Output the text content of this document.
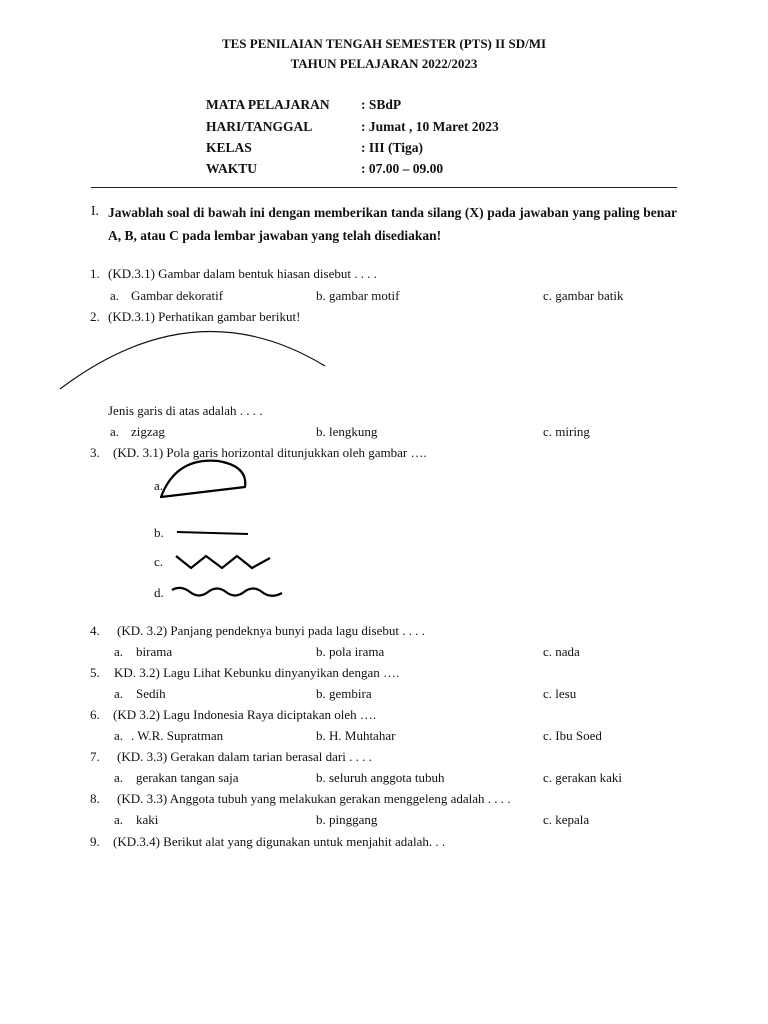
TES PENILAIAN TENGAH SEMESTER (PTS) II SD/MI
TAHUN PELAJARAN 2022/2023
MATA PELAJARAN : SBdP
HARI/TANGGAL	: Jumat , 10 Maret 2023
KELAS	: III (Tiga)
WAKTU	: 07.00 – 09.00
I. Jawablah soal di bawah ini dengan memberikan tanda silang (X) pada jawaban yang paling benar A, B, atau C pada lembar jawaban yang telah disediakan!
1. (KD.3.1) Gambar dalam bentuk hiasan disebut . . . .
a. Gambar dekoratif	b. gambar motif	c. gambar batik
2. (KD.3.1) Perhatikan gambar berikut!
Jenis garis di atas adalah . . . .
a. zigzag	b. lengkung	c. miring
3. (KD. 3.1) Pola garis horizontal ditunjukkan oleh gambar ….
a.
b.
c.
d.
4. (KD. 3.2) Panjang pendeknya bunyi pada lagu disebut . . . .
a. birama	b. pola irama	c. nada
5. KD. 3.2) Lagu Lihat Kebunku dinyanyikan dengan ….
a. Sedih	b. gembira	c. lesu
6. (KD 3.2) Lagu Indonesia Raya diciptakan oleh ….
a. . W.R. Supratman	b. H. Muhtahar	c. Ibu Soed
7. (KD. 3.3) Gerakan dalam tarian berasal dari . . . .
a. gerakan tangan saja	b. seluruh anggota tubuh	c. gerakan kaki
8. (KD. 3.3) Anggota tubuh yang melakukan gerakan menggeleng adalah . . . .
a. kaki	b. pinggang	c. kepala
9. (KD.3.4) Berikut alat yang digunakan untuk menjahit adalah. . .
